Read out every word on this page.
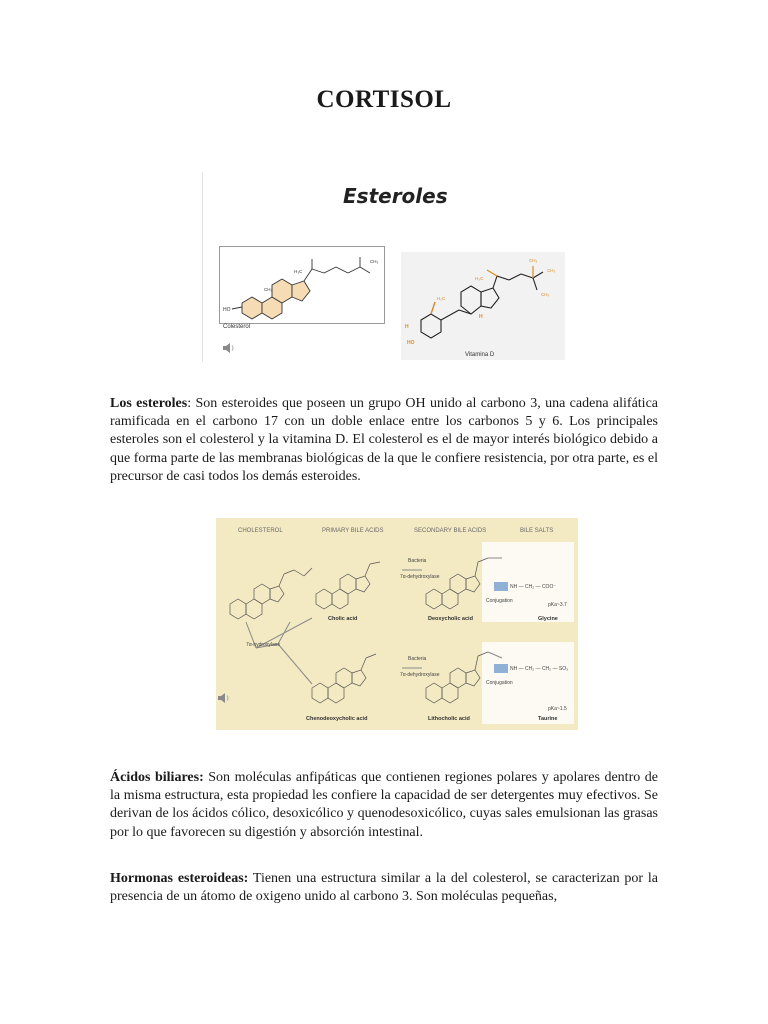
CORTISOL

Esteroles

HO
CH₃
H₃C
CH₃
Colesterol
H₂C
HO
H
H₃C
CH₃
CH₃
CH₃
H
Vitamina D

Los esteroles: Son esteroides que poseen un grupo OH unido al carbono 3, una cadena alifática ramificada en el carbono 17 con un doble enlace entre los carbonos 5 y 6. Los principales esteroles son el colesterol y la vitamina D. El colesterol es el de mayor interés biológico debido a que forma parte de las membranas biológicas de la que le confiere resistencia, por otra parte, es el precursor de casi todos los demás esteroides.

CHOLESTEROL	PRIMARY BILE ACIDS	SECONDARY BILE ACIDS	BILE SALTS
7α-hydroxylase
Bacteria
7α-dehydroxylase
Bacteria
7α-dehydroxylase
NH — CH₂ — COO⁻
NH — CH₂ — CH₂ — SO₃
Conjugation
Conjugation
pKa~3.7
pKa~1.5
Cholic acid	Deoxycholic acid	Glycine
Chenodeoxycholic acid	Lithocholic acid	Taurine

Ácidos biliares: Son moléculas anfipáticas que contienen regiones polares y apolares dentro de la misma estructura, esta propiedad les confiere la capacidad de ser detergentes muy efectivos. Se derivan de los ácidos cólico, desoxicólico y quenodesoxicólico, cuyas sales emulsionan las grasas por lo que favorecen su digestión y absorción intestinal.

Hormonas esteroideas: Tienen una estructura similar a la del colesterol, se caracterizan por la presencia de un átomo de oxigeno unido al carbono 3. Son moléculas pequeñas,
